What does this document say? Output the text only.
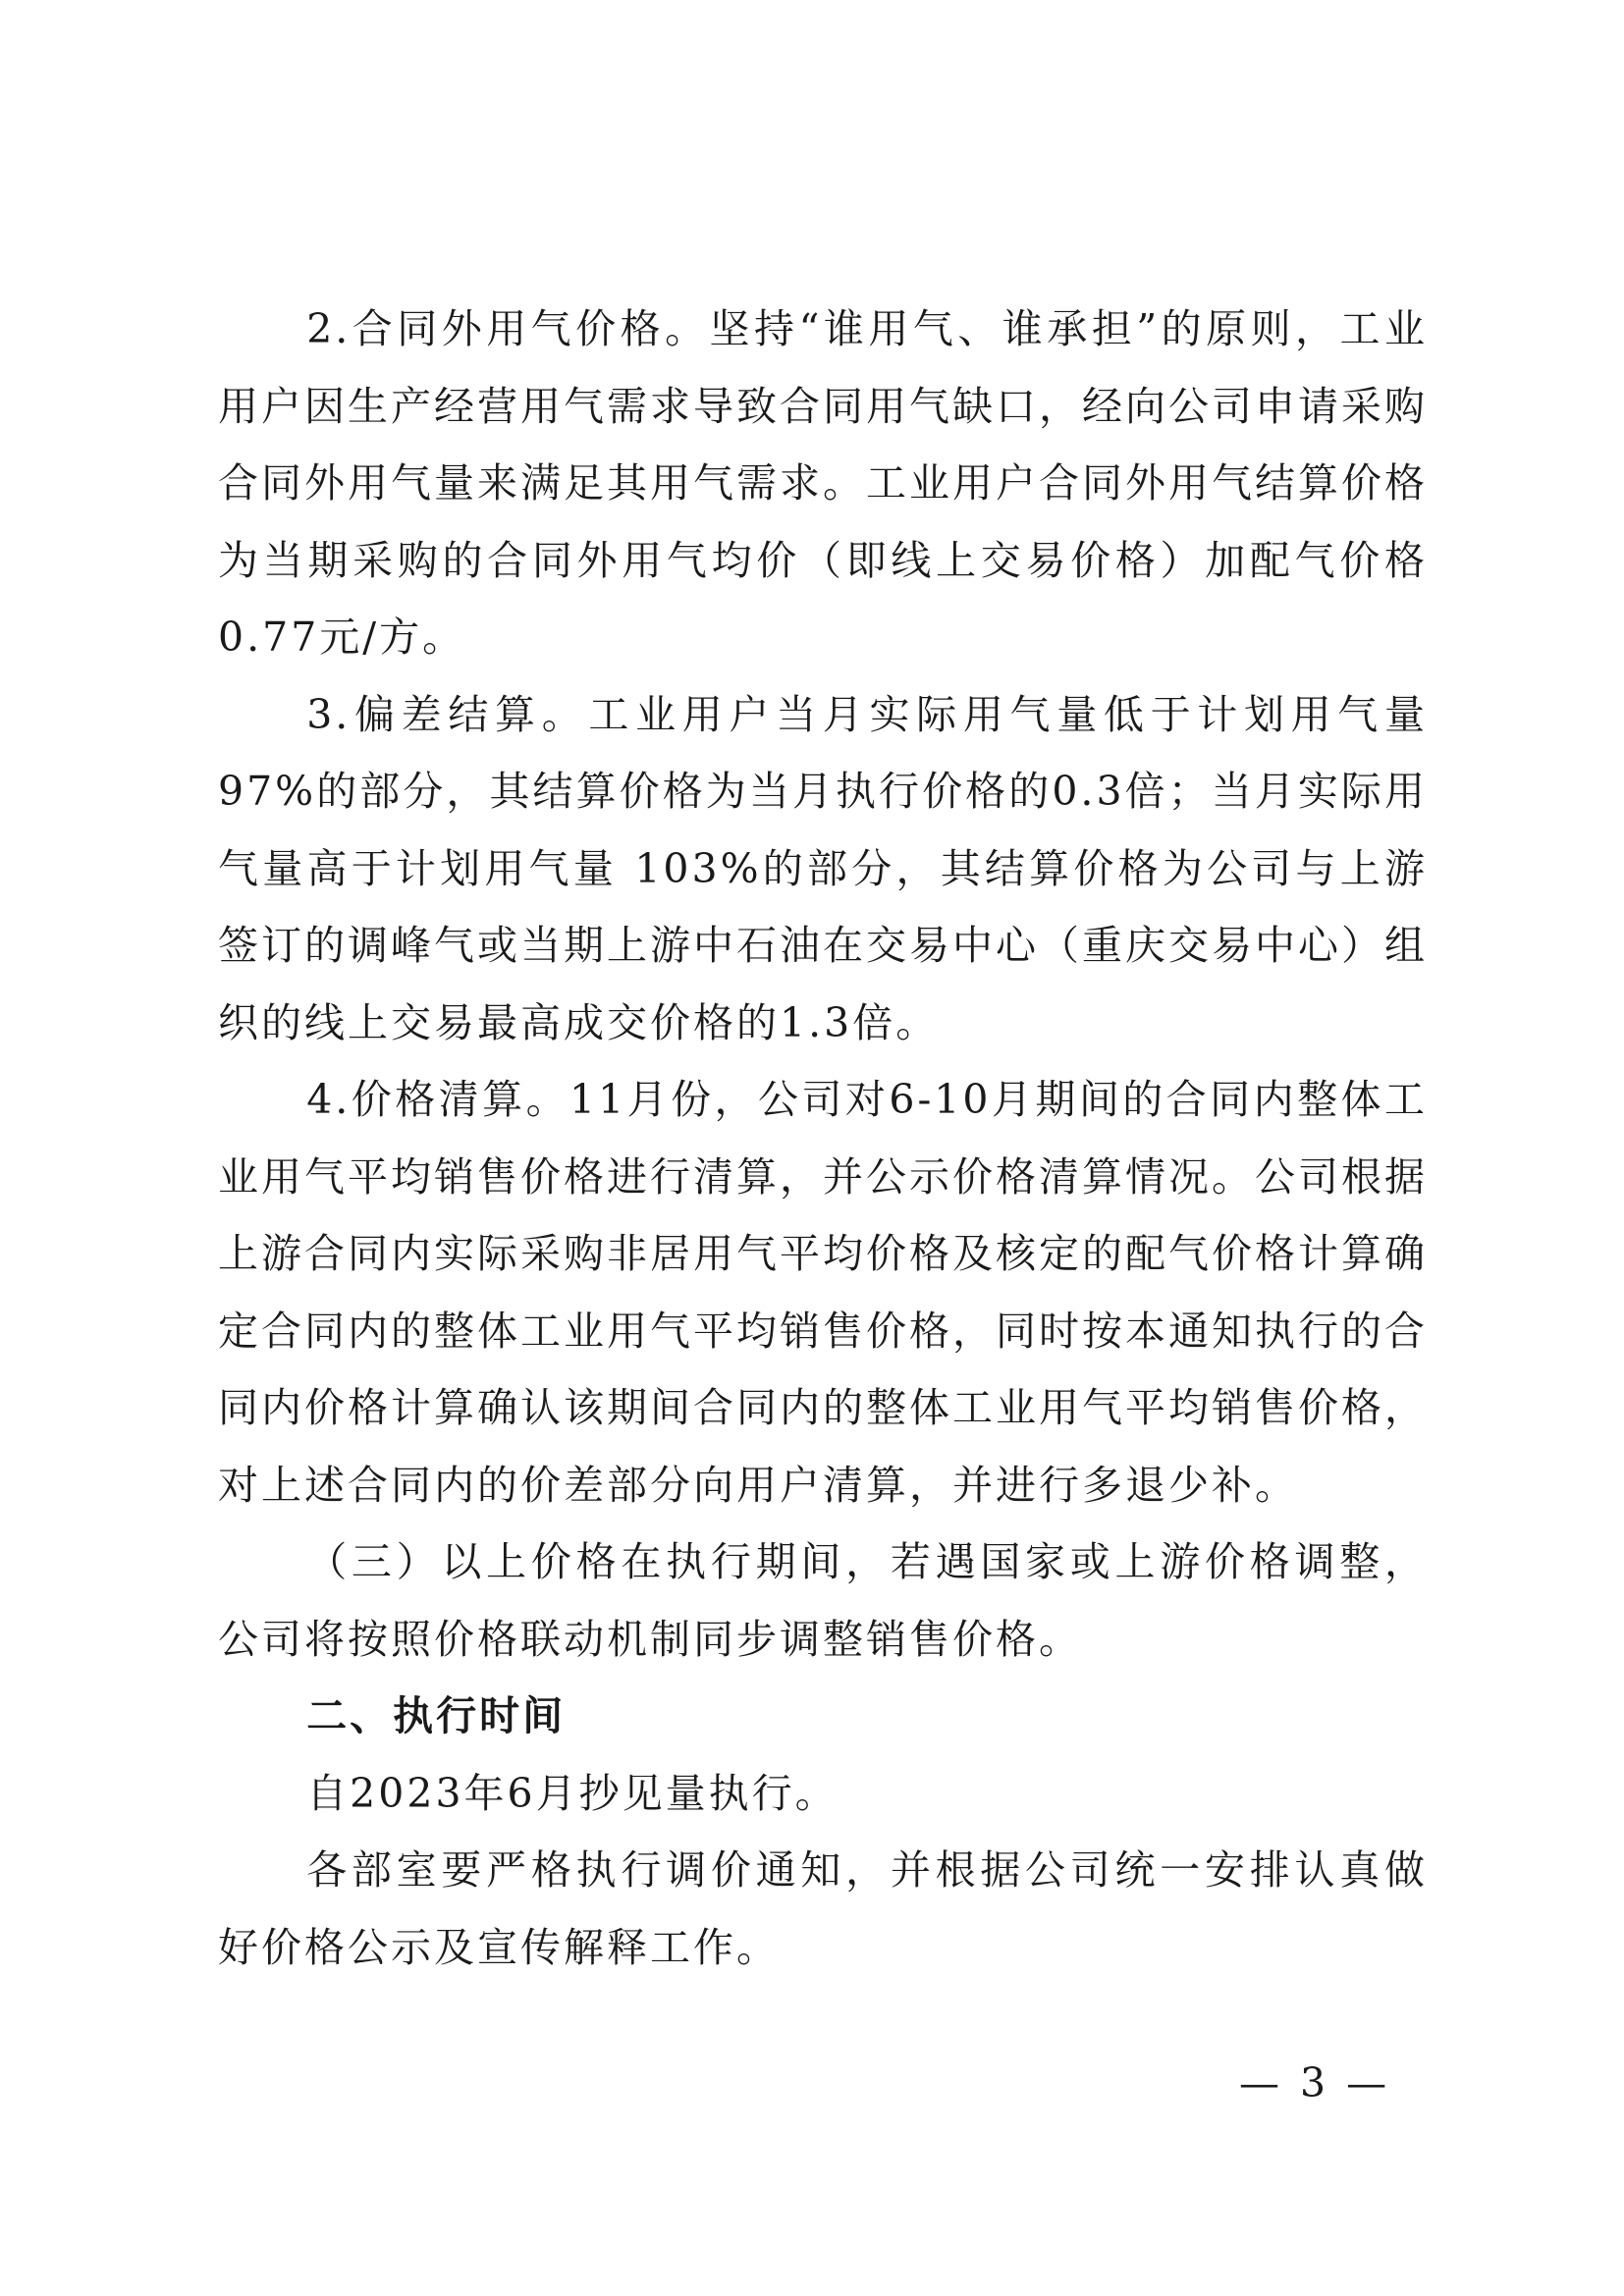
2.合同外用气价格。坚持“谁用气、谁承担”的原则，工业用户因生产经营用气需求导致合同用气缺口，经向公司申请采购合同外用气量来满足其用气需求。工业用户合同外用气结算价格为当期采购的合同外用气均价（即线上交易价格）加配气价格0.77元/方。

3.偏差结算。工业用户当月实际用气量低于计划用气量97%的部分，其结算价格为当月执行价格的0.3倍；当月实际用气量高于计划用气量 103%的部分，其结算价格为公司与上游签订的调峰气或当期上游中石油在交易中心（重庆交易中心）组织的线上交易最高成交价格的1.3倍。

4.价格清算。11月份，公司对6-10月期间的合同内整体工业用气平均销售价格进行清算，并公示价格清算情况。公司根据上游合同内实际采购非居用气平均价格及核定的配气价格计算确定合同内的整体工业用气平均销售价格，同时按本通知执行的合同内价格计算确认该期间合同内的整体工业用气平均销售价格，对上述合同内的价差部分向用户清算，并进行多退少补。

（三）以上价格在执行期间，若遇国家或上游价格调整，公司将按照价格联动机制同步调整销售价格。

二、执行时间

自2023年6月抄见量执行。

各部室要严格执行调价通知，并根据公司统一安排认真做好价格公示及宣传解释工作。

— 3 —
